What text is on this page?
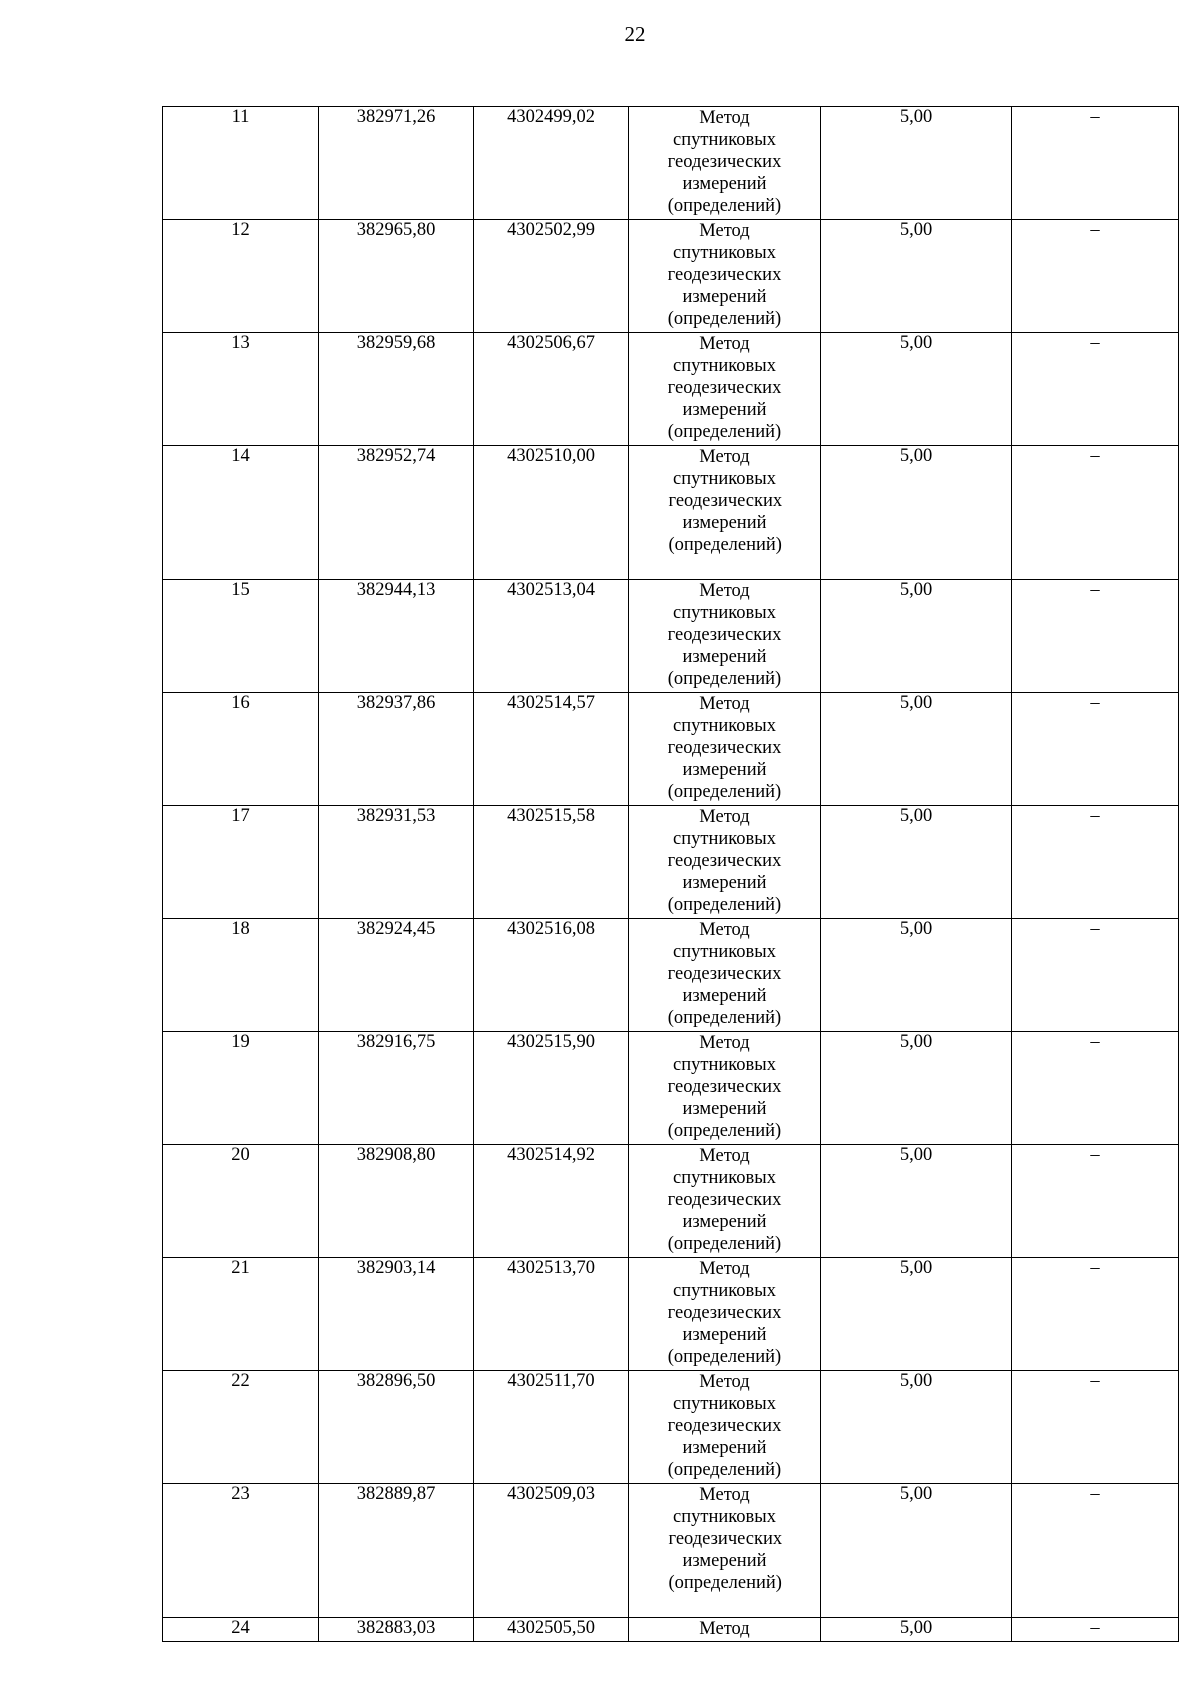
22
11	382971,26	4302499,02	Метод спутниковых геодезических измерений (определений)	5,00	–
12	382965,80	4302502,99	Метод спутниковых геодезических измерений (определений)	5,00	–
13	382959,68	4302506,67	Метод спутниковых геодезических измерений (определений)	5,00	–
14	382952,74	4302510,00	Метод спутниковых геодезических измерений (определений)	5,00	–
15	382944,13	4302513,04	Метод спутниковых геодезических измерений (определений)	5,00	–
16	382937,86	4302514,57	Метод спутниковых геодезических измерений (определений)	5,00	–
17	382931,53	4302515,58	Метод спутниковых геодезических измерений (определений)	5,00	–
18	382924,45	4302516,08	Метод спутниковых геодезических измерений (определений)	5,00	–
19	382916,75	4302515,90	Метод спутниковых геодезических измерений (определений)	5,00	–
20	382908,80	4302514,92	Метод спутниковых геодезических измерений (определений)	5,00	–
21	382903,14	4302513,70	Метод спутниковых геодезических измерений (определений)	5,00	–
22	382896,50	4302511,70	Метод спутниковых геодезических измерений (определений)	5,00	–
23	382889,87	4302509,03	Метод спутниковых геодезических измерений (определений)	5,00	–
24	382883,03	4302505,50	Метод	5,00	–
